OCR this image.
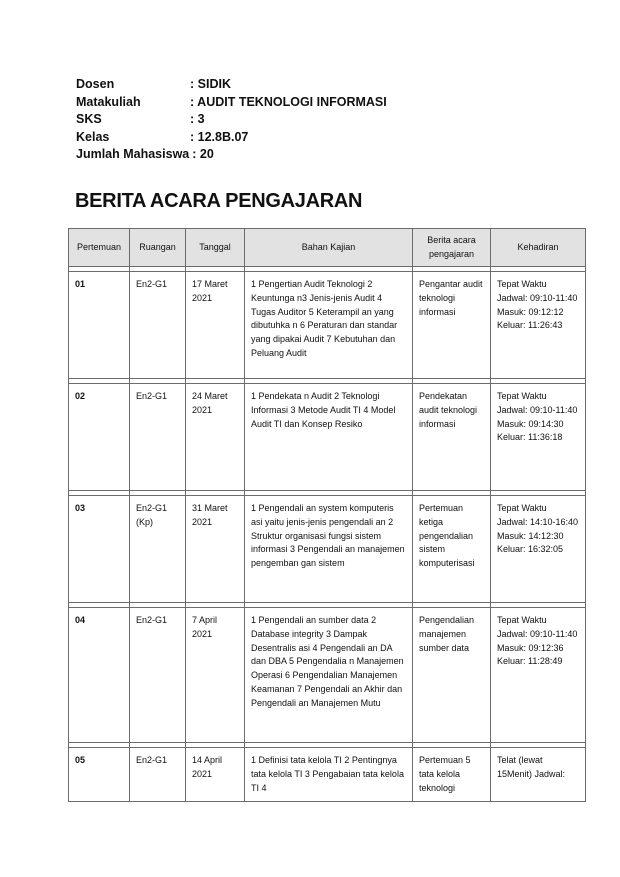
Dosen	: SIDIK
Matakuliah	: AUDIT TEKNOLOGI INFORMASI
SKS	: 3
Kelas	: 12.8B.07
Jumlah Mahasiswa : 20
BERITA ACARA PENGAJARAN
Pertemuan	Ruangan	Tanggal	Bahan Kajian	Berita acara pengajaran	Kehadiran

01	En2-G1	17 Maret 2021	1 Pengertian Audit Teknologi 2 Keuntunga n3 Jenis-jenis Audit 4 Tugas Auditor 5 Keterampil an yang dibutuhka n 6 Peraturan dan standar yang dipakai Audit 7 Kebutuhan dan Peluang Audit	Pengantar audit teknologi informasi	Tepat Waktu Jadwal: 09:10-11:40 Masuk: 09:12:12 Keluar: 11:26:43

02	En2-G1	24 Maret 2021	1 Pendekata n Audit 2 Teknologi Informasi 3 Metode Audit TI 4 Model Audit TI dan Konsep Resiko	Pendekatan audit teknologi informasi	Tepat Waktu Jadwal: 09:10-11:40 Masuk: 09:14:30 Keluar: 11:36:18

03	En2-G1 (Kp)	31 Maret 2021	1 Pengendali an system komputeris asi yaitu jenis-jenis pengendali an 2 Struktur organisasi fungsi sistem informasi 3 Pengendali an manajemen pengemban gan sistem	Pertemuan ketiga pengendalian sistem komputerisasi	Tepat Waktu Jadwal: 14:10-16:40 Masuk: 14:12:30 Keluar: 16:32:05

04	En2-G1	7 April 2021	1 Pengendali an sumber data 2 Database integrity 3 Dampak Desentralis asi 4 Pengendali an DA dan DBA 5 Pengendalia n Manajemen Operasi 6 Pengendalian Manajemen Keamanan 7 Pengendali an Akhir dan Pengendali an Manajemen Mutu	Pengendalian manajemen sumber data	Tepat Waktu Jadwal: 09:10-11:40 Masuk: 09:12:36 Keluar: 11:28:49

05	En2-G1	14 April 2021	1 Definisi tata kelola TI 2 Pentingnya tata kelola TI 3 Pengabaian tata kelola TI 4	Pertemuan 5 tata kelola teknologi	Telat (lewat 15Menit) Jadwal:
